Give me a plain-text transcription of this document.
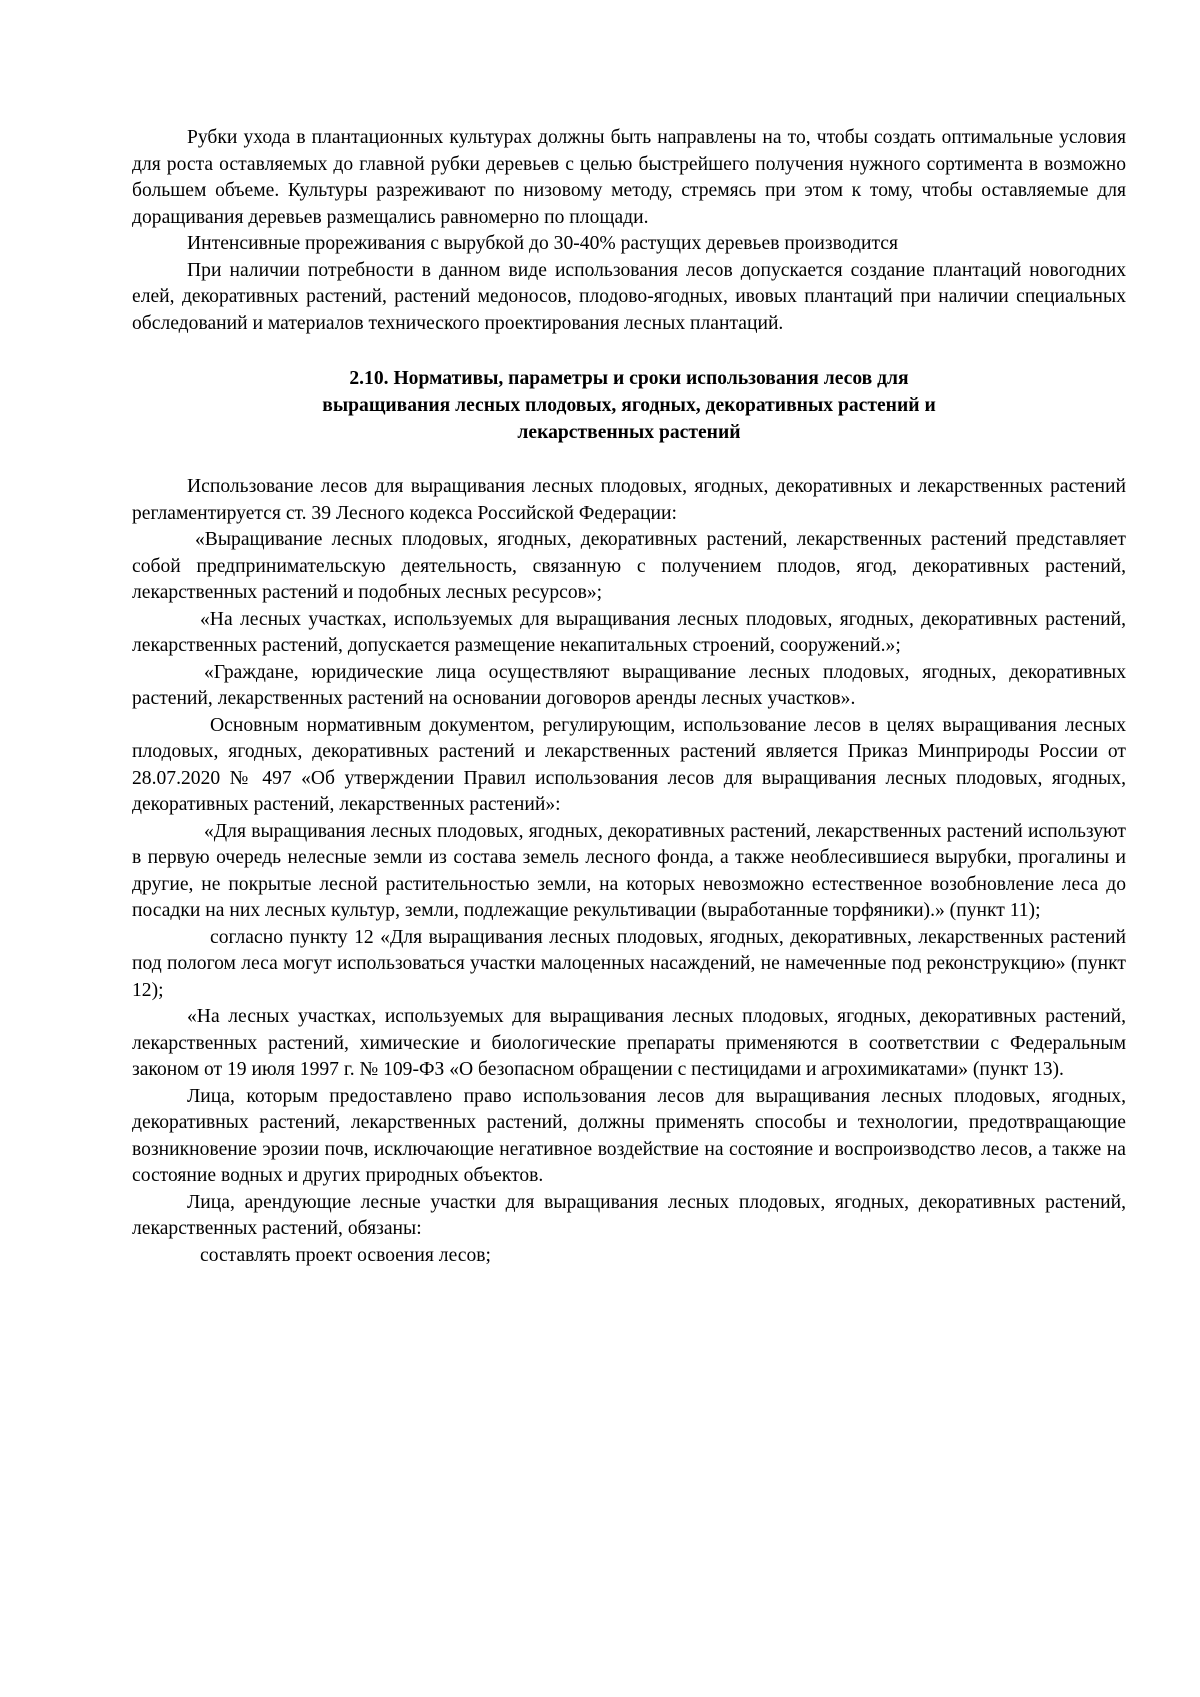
Рубки ухода в плантационных культурах должны быть направлены на то, чтобы создать оптимальные условия для роста оставляемых до главной рубки деревьев с целью быстрейшего получения нужного сортимента в возможно большем объеме. Культуры разреживают по низовому методу, стремясь при этом к тому, чтобы оставляемые для доращивания деревьев размещались равномерно по площади.

Интенсивные прореживания с вырубкой до 30-40% растущих деревьев производится

При наличии потребности в данном виде использования лесов допускается создание плантаций новогодних елей, декоративных растений, растений медоносов, плодово-ягодных, ивовых плантаций при наличии специальных обследований и материалов технического проектирования лесных плантаций.

2.10. Нормативы, параметры и сроки использования лесов для
выращивания лесных плодовых, ягодных, декоративных растений и
лекарственных растений

Использование лесов для выращивания лесных плодовых, ягодных, декоративных и лекарственных растений регламентируется ст. 39 Лесного кодекса Российской Федерации:

«Выращивание лесных плодовых, ягодных, декоративных растений, лекарственных растений представляет собой предпринимательскую деятельность, связанную с получением плодов, ягод, декоративных растений, лекарственных растений и подобных лесных ресурсов»;

«На лесных участках, используемых для выращивания лесных плодовых, ягодных, декоративных растений, лекарственных растений, допускается размещение некапитальных строений, сооружений.»;

«Граждане, юридические лица осуществляют выращивание лесных плодовых, ягодных, декоративных растений, лекарственных растений на основании договоров аренды лесных участков».

Основным нормативным документом, регулирующим, использование лесов в целях выращивания лесных плодовых, ягодных, декоративных растений и лекарственных растений является Приказ Минприроды России от 28.07.2020 № 497 «Об утверждении Правил использования лесов для выращивания лесных плодовых, ягодных, декоративных растений, лекарственных растений»:

«Для выращивания лесных плодовых, ягодных, декоративных растений, лекарственных растений используют в первую очередь нелесные земли из состава земель лесного фонда, а также необлесившиеся вырубки, прогалины и другие, не покрытые лесной растительностью земли, на которых невозможно естественное возобновление леса до посадки на них лесных культур, земли, подлежащие рекультивации (выработанные торфяники).» (пункт 11);

согласно пункту 12 «Для выращивания лесных плодовых, ягодных, декоративных, лекарственных растений под пологом леса могут использоваться участки малоценных насаждений, не намеченные под реконструкцию» (пункт 12);

«На лесных участках, используемых для выращивания лесных плодовых, ягодных, декоративных растений, лекарственных растений, химические и биологические препараты применяются в соответствии с Федеральным законом от 19 июля 1997 г. № 109-ФЗ «О безопасном обращении с пестицидами и агрохимикатами» (пункт 13).

Лица, которым предоставлено право использования лесов для выращивания лесных плодовых, ягодных, декоративных растений, лекарственных растений, должны применять способы и технологии, предотвращающие возникновение эрозии почв, исключающие негативное воздействие на состояние и воспроизводство лесов, а также на состояние водных и других природных объектов.

Лица, арендующие лесные участки для выращивания лесных плодовых, ягодных, декоративных растений, лекарственных растений, обязаны:

составлять проект освоения лесов;
